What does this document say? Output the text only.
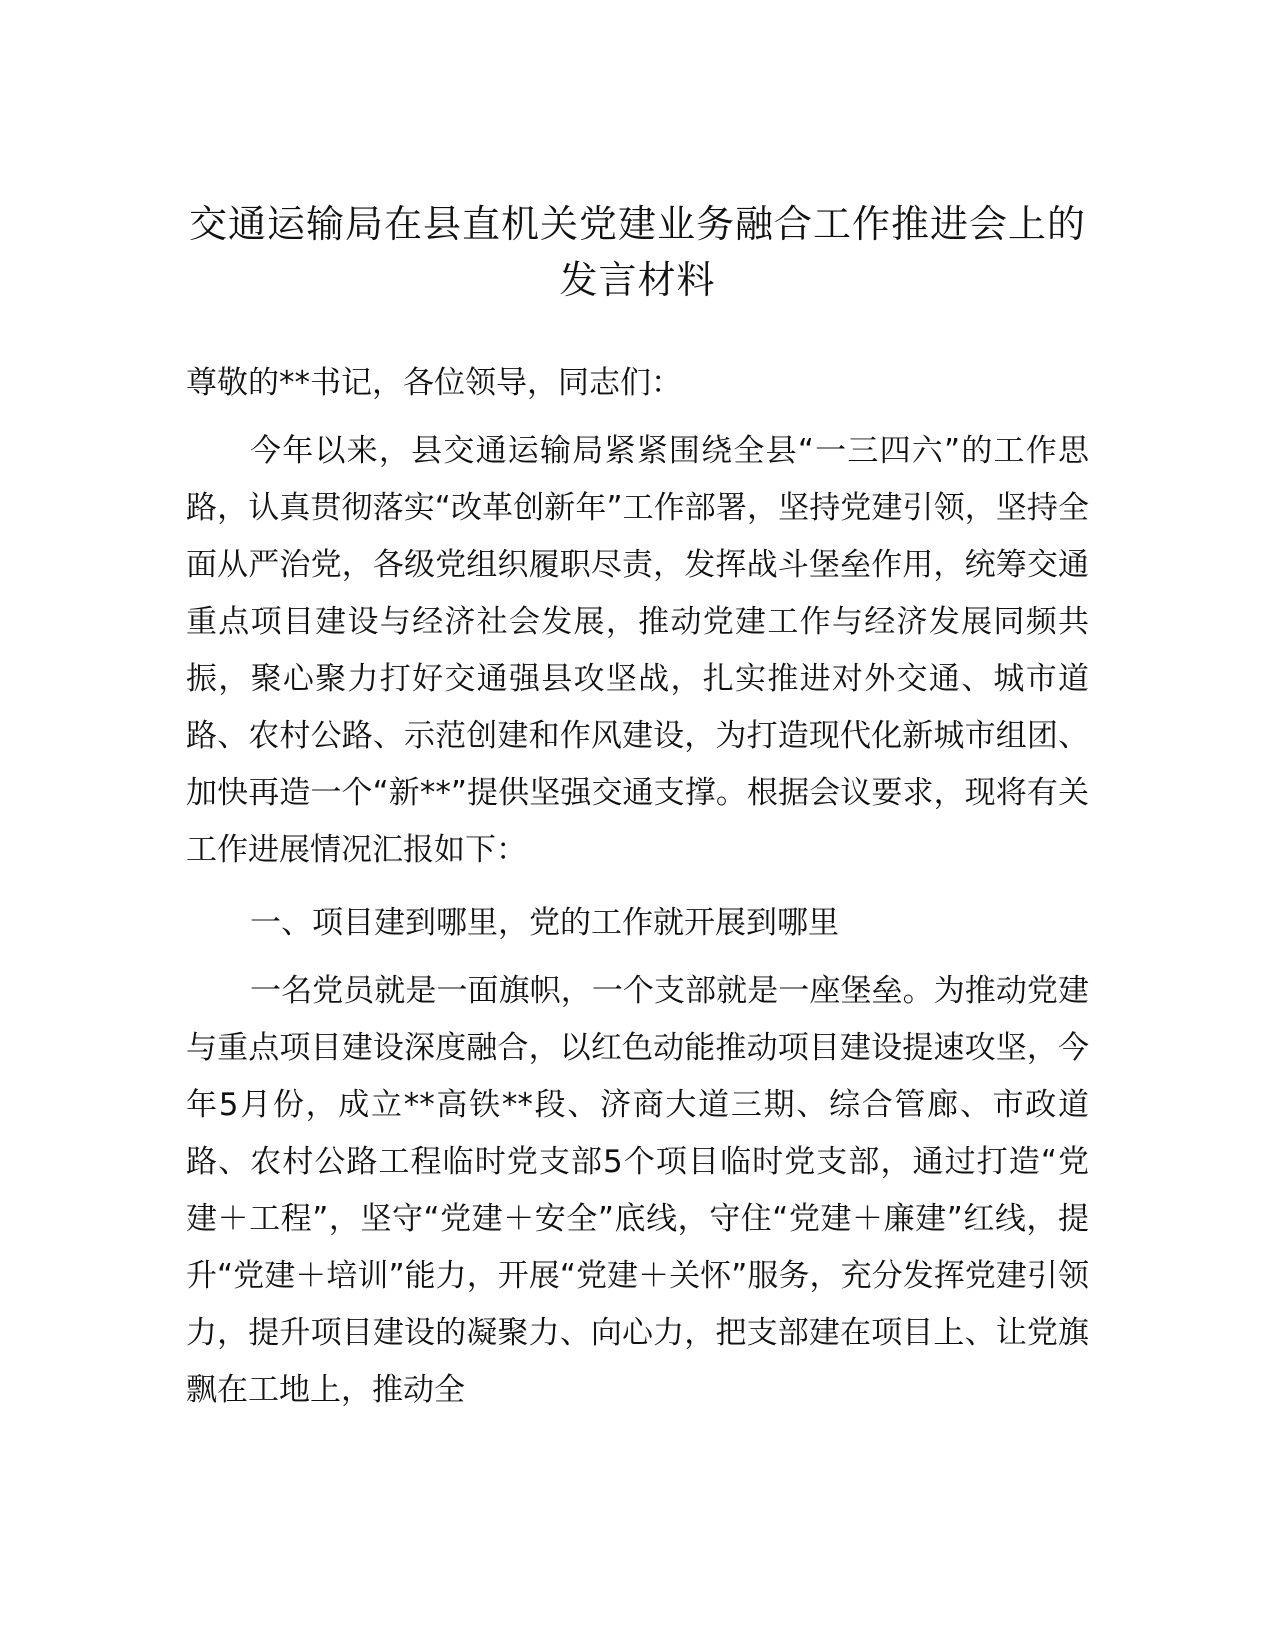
交通运输局在县直机关党建业务融合工作推进会上的发言材料

尊敬的**书记，各位领导，同志们：

今年以来，县交通运输局紧紧围绕全县“一三四六”的工作思路，认真贯彻落实“改革创新年”工作部署，坚持党建引领，坚持全面从严治党，各级党组织履职尽责，发挥战斗堡垒作用，统筹交通重点项目建设与经济社会发展，推动党建工作与经济发展同频共振，聚心聚力打好交通强县攻坚战，扎实推进对外交通、城市道路、农村公路、示范创建和作风建设，为打造现代化新城市组团、加快再造一个“新**”提供坚强交通支撑。根据会议要求，现将有关工作进展情况汇报如下：

一、项目建到哪里，党的工作就开展到哪里

一名党员就是一面旗帜，一个支部就是一座堡垒。为推动党建与重点项目建设深度融合，以红色动能推动项目建设提速攻坚，今年5月份，成立**高铁**段、济商大道三期、综合管廊、市政道路、农村公路工程临时党支部5个项目临时党支部，通过打造“党建＋工程”，坚守“党建＋安全”底线，守住“党建＋廉建”红线，提升“党建＋培训”能力，开展“党建＋关怀”服务，充分发挥党建引领力，提升项目建设的凝聚力、向心力，把支部建在项目上、让党旗飘在工地上，推动全
